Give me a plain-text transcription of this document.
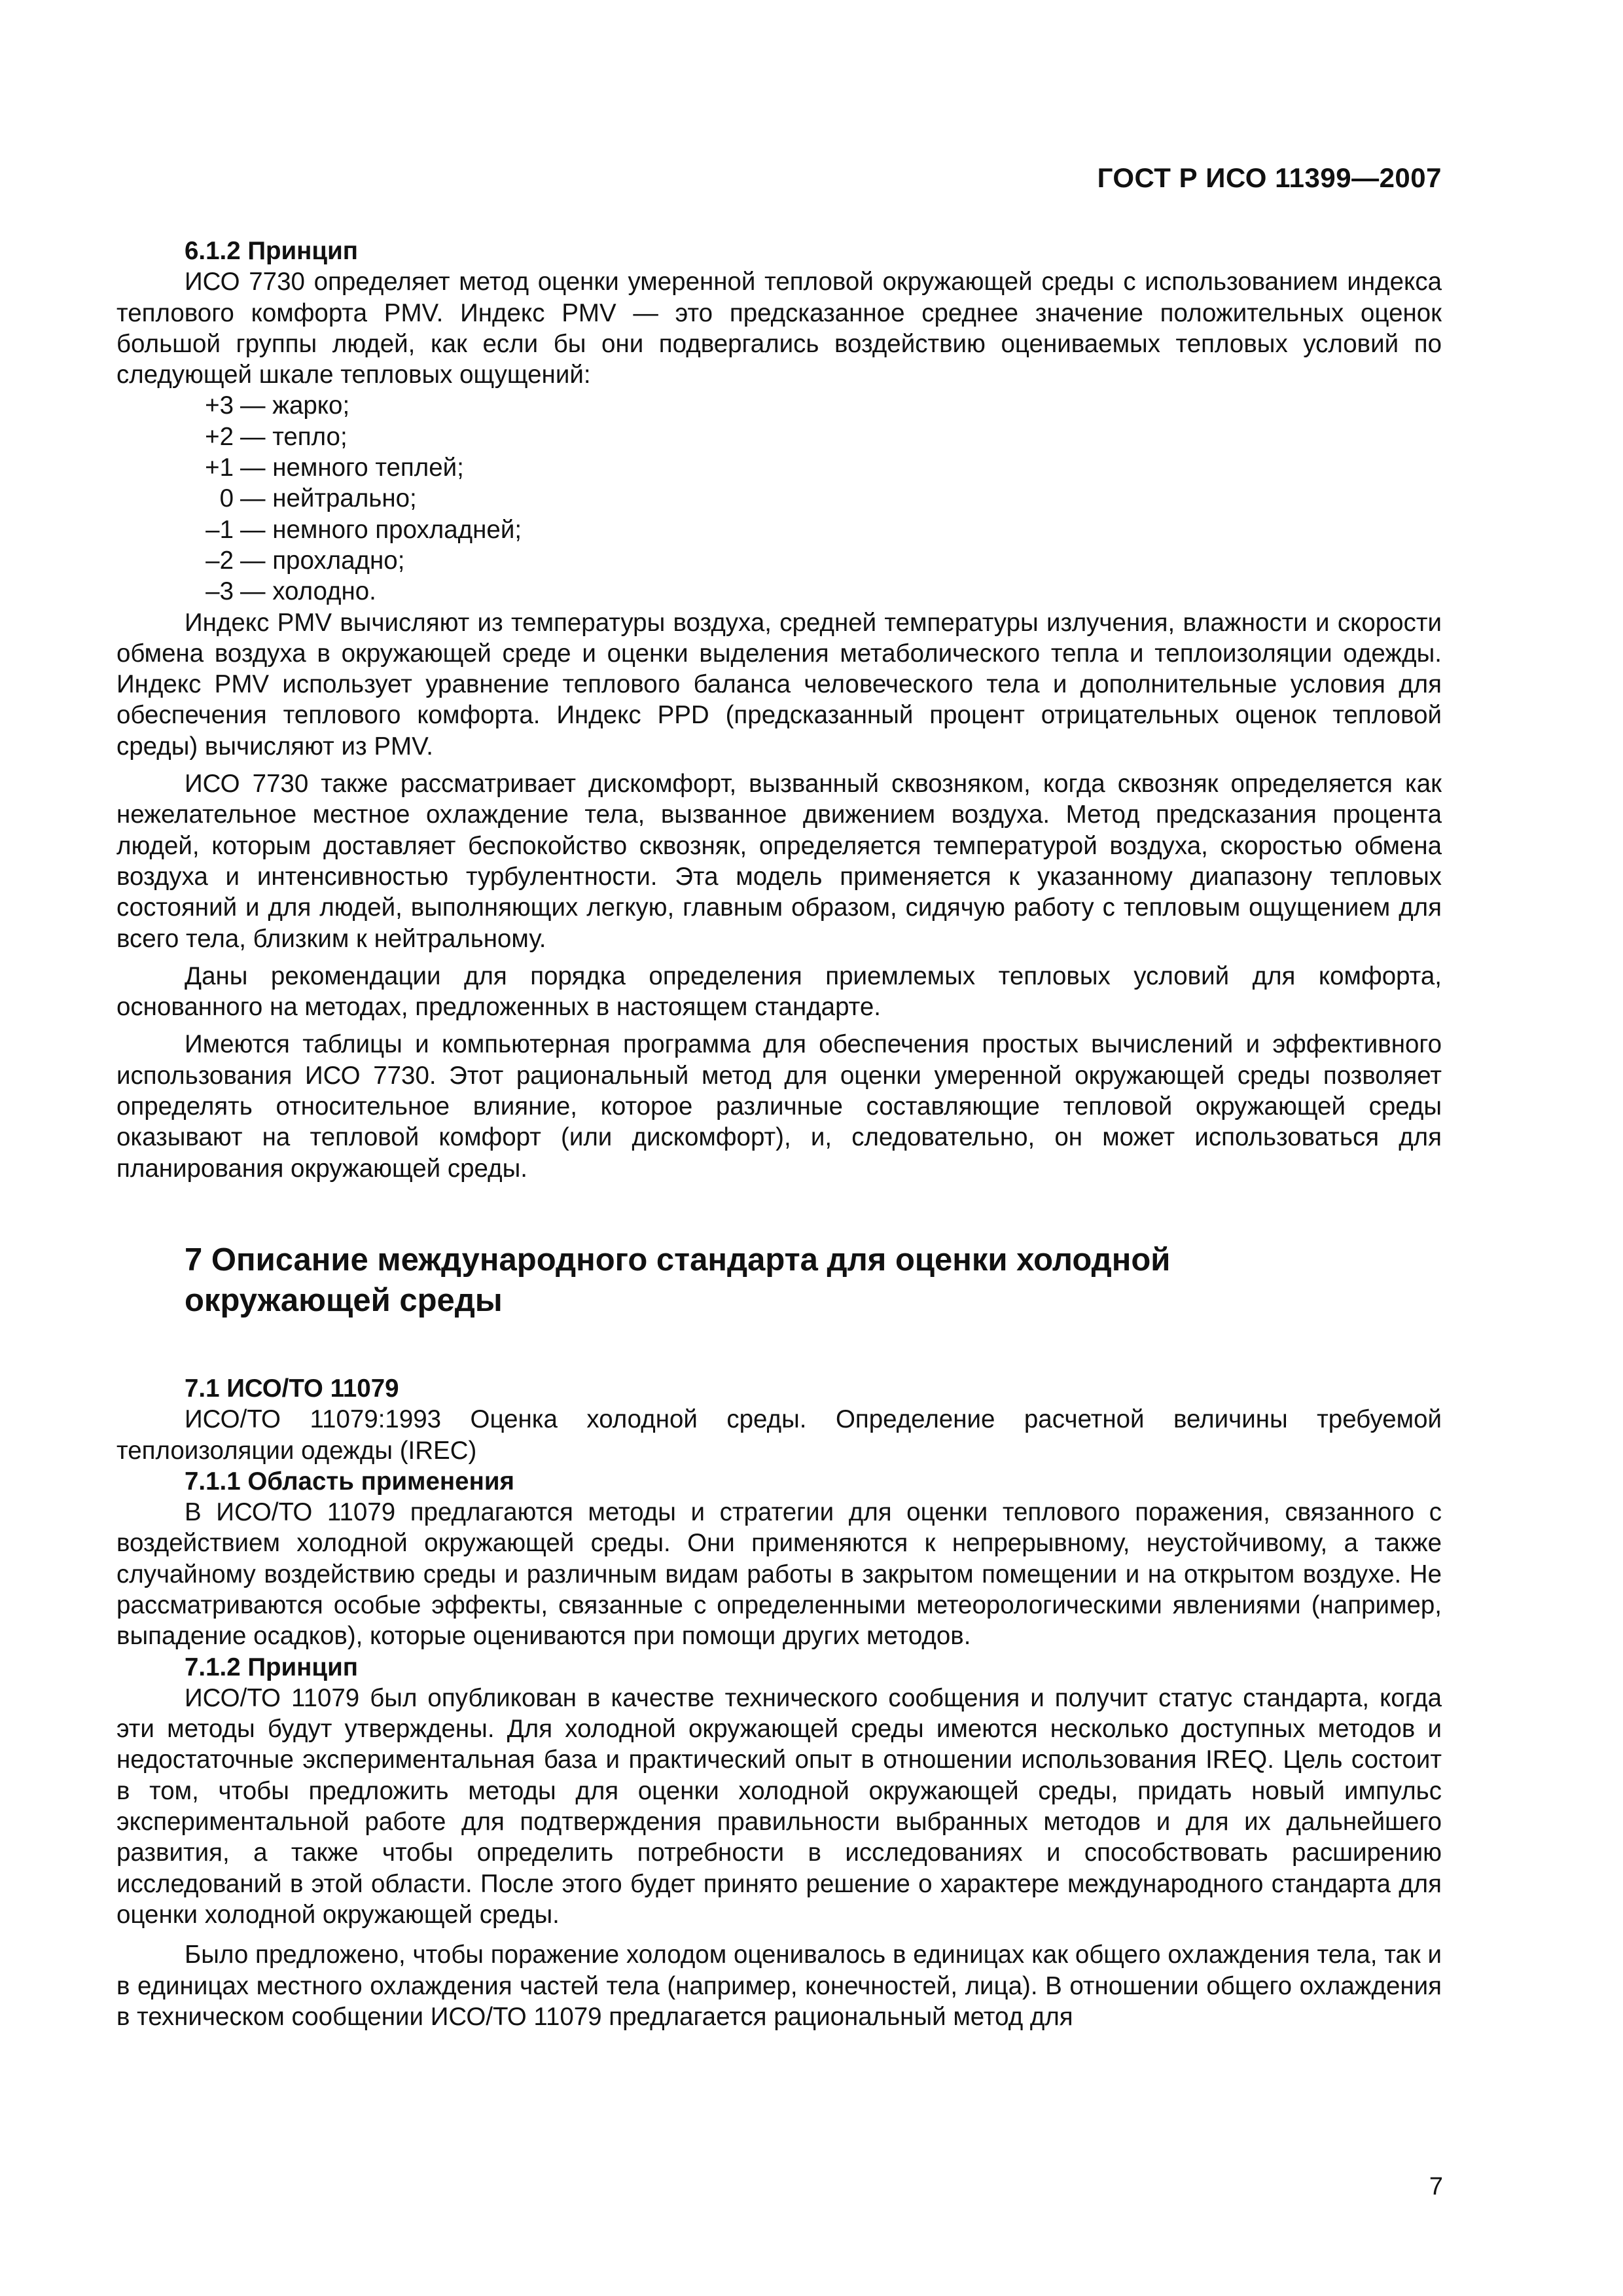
ГОСТ Р ИСО 11399—2007
6.1.2 Принцип

ИСО 7730 определяет метод оценки умеренной тепловой окружающей среды с использованием индекса теплового комфорта PMV. Индекс PMV — это предсказанное среднее значение положительных оценок большой группы людей, как если бы они подвергались воздействию оцениваемых тепловых условий по следующей шкале тепловых ощущений:

+3 — жарко;
+2 — тепло;
+1 — немного теплей;
0 — нейтрально;
–1 — немного прохладней;
–2 — прохладно;
–3 — холодно.

Индекс PMV вычисляют из температуры воздуха, средней температуры излучения, влажности и скорости обмена воздуха в окружающей среде и оценки выделения метаболического тепла и теплоизоляции одежды. Индекс PMV использует уравнение теплового баланса человеческого тела и дополнительные условия для обеспечения теплового комфорта. Индекс PPD (предсказанный процент отрицательных оценок тепловой среды) вычисляют из PMV.

ИСО 7730 также рассматривает дискомфорт, вызванный сквозняком, когда сквозняк определяется как нежелательное местное охлаждение тела, вызванное движением воздуха. Метод предсказания процента людей, которым доставляет беспокойство сквозняк, определяется температурой воздуха, скоростью обмена воздуха и интенсивностью турбулентности. Эта модель применяется к указанному диапазону тепловых состояний и для людей, выполняющих легкую, главным образом, сидячую работу с тепловым ощущением для всего тела, близким к нейтральному.

Даны рекомендации для порядка определения приемлемых тепловых условий для комфорта, основанного на методах, предложенных в настоящем стандарте.

Имеются таблицы и компьютерная программа для обеспечения простых вычислений и эффективного использования ИСО 7730. Этот рациональный метод для оценки умеренной окружающей среды позволяет определять относительное влияние, которое различные составляющие тепловой окружающей среды оказывают на тепловой комфорт (или дискомфорт), и, следовательно, он может использоваться для планирования окружающей среды.

7 Описание международного стандарта для оценки холодной окружающей среды
7.1 ИСО/ТО 11079

ИСО/ТО 11079:1993 Оценка холодной среды. Определение расчетной величины требуемой теплоизоляции одежды (IREC)

7.1.1 Область применения

В ИСО/ТО 11079 предлагаются методы и стратегии для оценки теплового поражения, связанного с воздействием холодной окружающей среды. Они применяются к непрерывному, неустойчивому, а также случайному воздействию среды и различным видам работы в закрытом помещении и на открытом воздухе. Не рассматриваются особые эффекты, связанные с определенными метеорологическими явлениями (например, выпадение осадков), которые оцениваются при помощи других методов.

7.1.2 Принцип

ИСО/ТО 11079 был опубликован в качестве технического сообщения и получит статус стандарта, когда эти методы будут утверждены. Для холодной окружающей среды имеются несколько доступных методов и недостаточные экспериментальная база и практический опыт в отношении использования IREQ. Цель состоит в том, чтобы предложить методы для оценки холодной окружающей среды, придать новый импульс экспериментальной работе для подтверждения правильности выбранных методов и для их дальнейшего развития, а также чтобы определить потребности в исследованиях и способствовать расширению исследований в этой области. После этого будет принято решение о характере международного стандарта для оценки холодной окружающей среды.

Было предложено, чтобы поражение холодом оценивалось в единицах как общего охлаждения тела, так и в единицах местного охлаждения частей тела (например, конечностей, лица). В отношении общего охлаждения в техническом сообщении ИСО/ТО 11079 предлагается рациональный метод для

7
